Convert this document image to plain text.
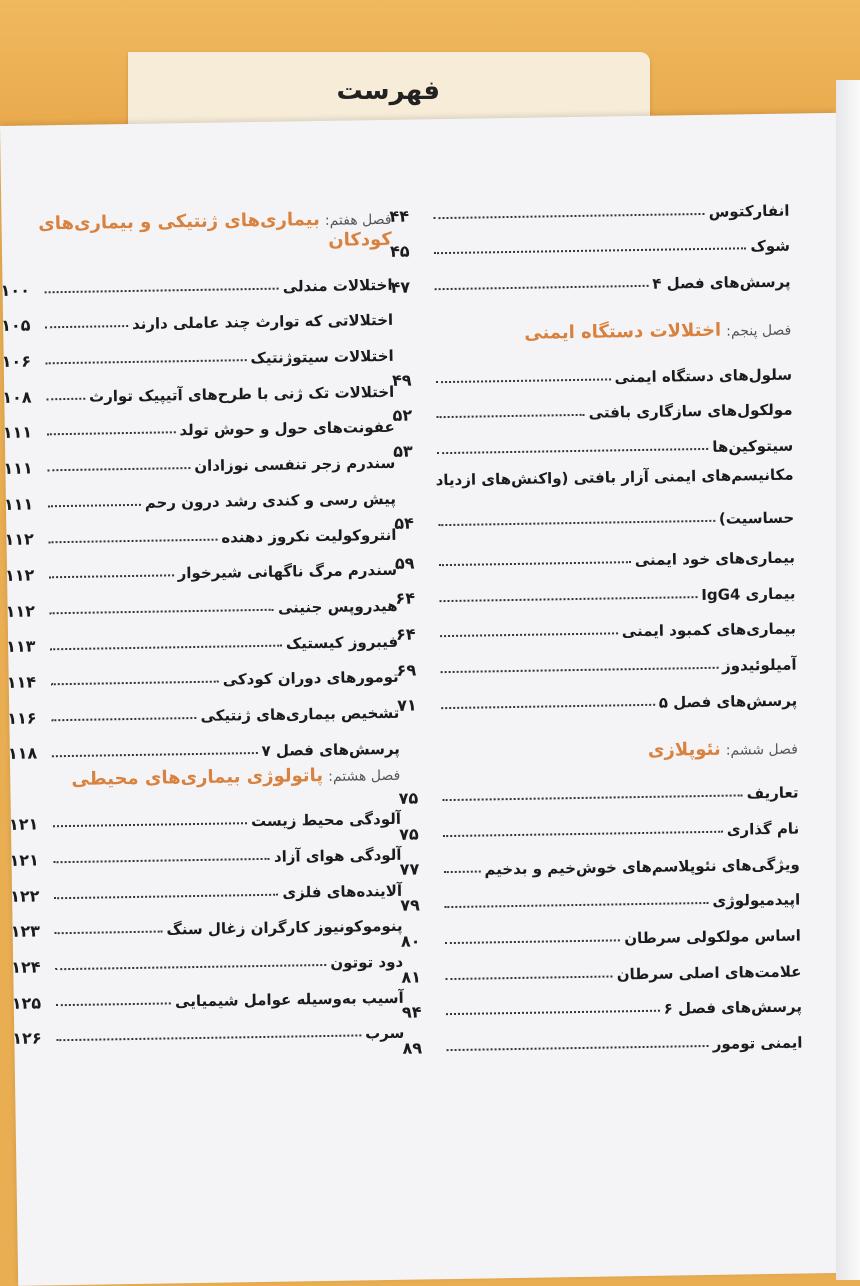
فهرست
انفارکتوس
۴۴
شوک
۴۵
پرسش‌های فصل ۴
۴۷
فصل پنجم: اختلالات دستگاه ایمنی
سلول‌های دستگاه ایمنی
۴۹
مولکول‌های سازگاری بافتی
۵۲
سیتوکین‌ها
۵۳
مکانیسم‌های ایمنی آزار بافتی (واکنش‌های ازدیاد
حساسیت)
۵۴
بیماری‌های خود ایمنی
۵۹
بیماری IgG4
۶۴
بیماری‌های کمبود ایمنی
۶۴
آمیلوئیدوز
۶۹
پرسش‌های فصل ۵
۷۱
فصل ششم: نئوپلازی
تعاریف
۷۵
نام گذاری
۷۵
ویژگی‌های نئوپلاسم‌های خوش‌خیم و بدخیم
۷۷
اپیدمیولوژی
۷۹
اساس مولکولی سرطان
۸۰
علامت‌های اصلی سرطان
۸۱
پرسش‌های فصل ۶
۹۴
ایمنی تومور
۸۹
فصل هفتم: بیماری‌های ژنتیکی و بیماری‌های کودکان
اختلالات مندلی
۱۰۰
اختلالاتی که توارث چند عاملی دارند
۱۰۵
اختلالات سیتوژنتیک
۱۰۶
اختلالات تک ژنی با طرح‌های آتیپیک توارث
۱۰۸
عفونت‌های حول و حوش تولد
۱۱۱
سندرم زجر تنفسی نوزادان
۱۱۱
پیش رسی و کندی رشد درون رحم
۱۱۱
انتروکولیت نکروز دهنده
۱۱۲
سندرم مرگ ناگهانی شیرخوار
۱۱۲
هیدروپس جنینی
۱۱۲
فیبروز کیستیک
۱۱۳
تومورهای دوران کودکی
۱۱۴
تشخیص بیماری‌های ژنتیکی
۱۱۶
پرسش‌های فصل ۷
۱۱۸
فصل هشتم: پاتولوژی بیماری‌های محیطی
آلودگی محیط زیست
۱۲۱
آلودگی هوای آزاد
۱۲۱
آلاینده‌های فلزی
۱۲۲
پنوموکونیوز کارگران زغال سنگ
۱۲۳
دود توتون
۱۲۴
آسیب به‌وسیله عوامل شیمیایی
۱۲۵
سرب
۱۲۶
